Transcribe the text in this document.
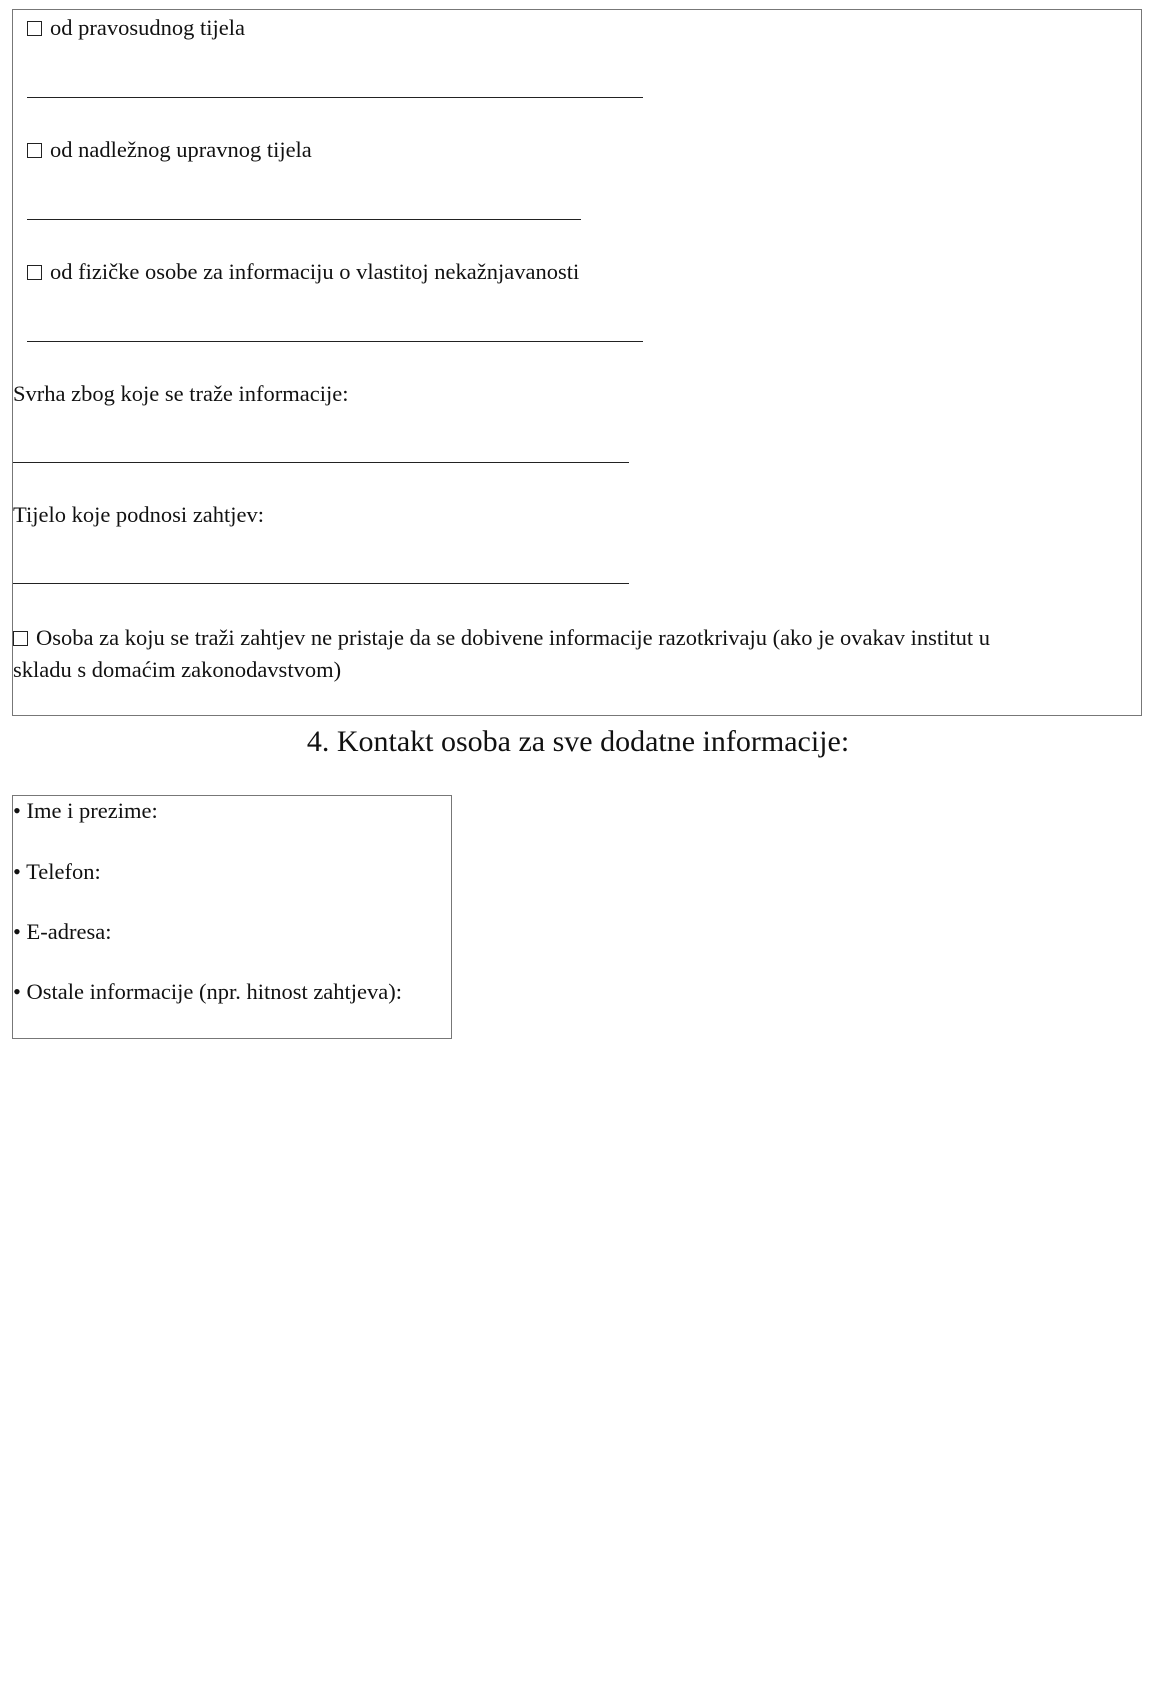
od pravosudnog tijela
od nadležnog upravnog tijela
od fizičke osobe za informaciju o vlastitoj nekažnjavanosti
Svrha zbog koje se traže informacije:
Tijelo koje podnosi zahtjev:
Osoba za koju se traži zahtjev ne pristaje da se dobivene informacije razotkrivaju (ako je ovakav institut u
skladu s domaćim zakonodavstvom)
4. Kontakt osoba za sve dodatne informacije:
• Ime i prezime:
• Telefon:
• E-adresa:
• Ostale informacije (npr. hitnost zahtjeva):
